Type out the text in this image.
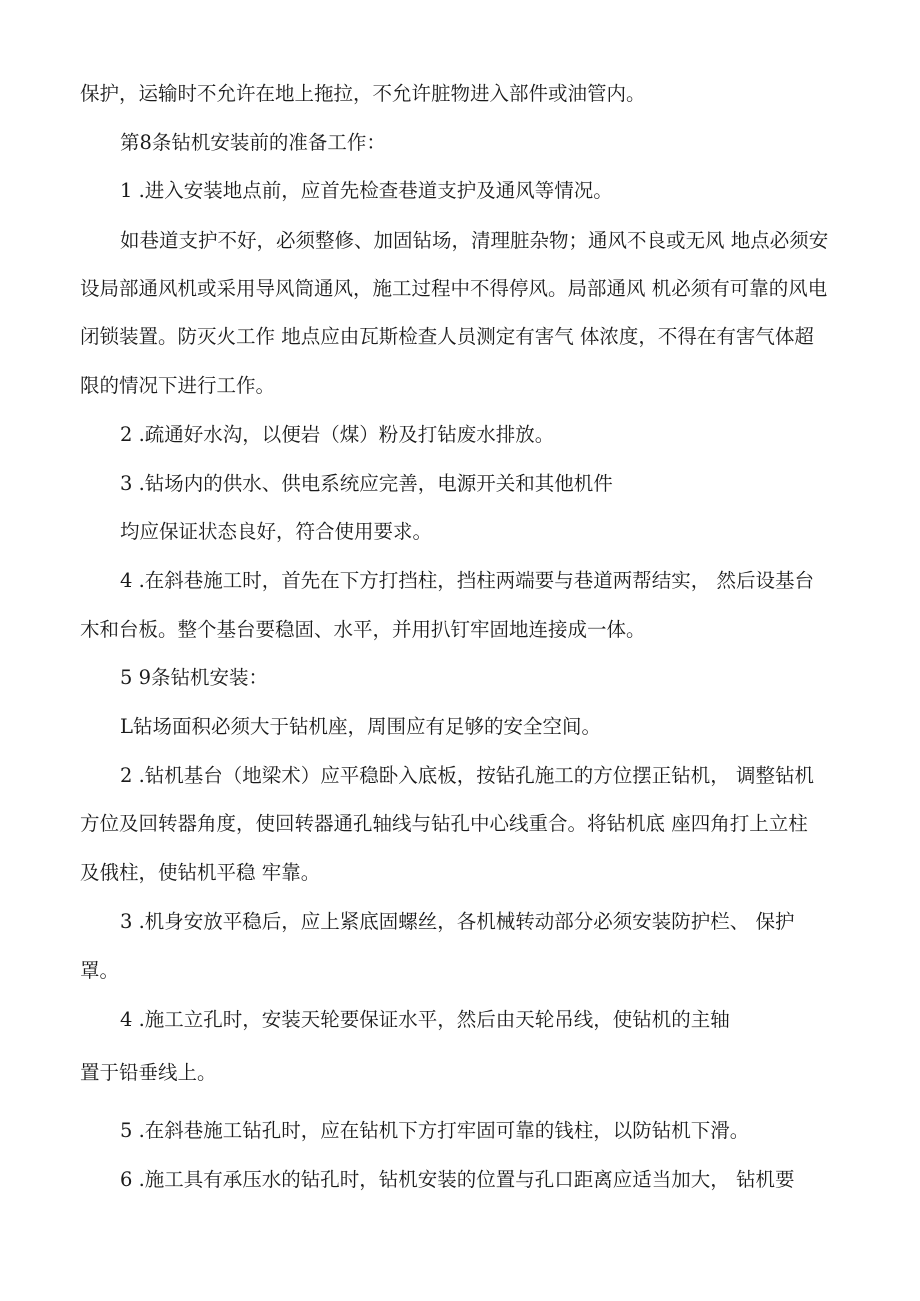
保护，运输时不允许在地上拖拉，不允许脏物进入部件或油管内。
第8条钻机安装前的准备工作：
1 .进入安装地点前，应首先检查巷道支护及通风等情况。
如巷道支护不好，必须整修、加固钻场，清理脏杂物；通风不良或无风 地点必须安
设局部通风机或采用导风筒通风，施工过程中不得停风。局部通风 机必须有可靠的风电
闭锁装置。防灭火工作 地点应由瓦斯检查人员测定有害气 体浓度，不得在有害气体超
限的情况下进行工作。
2 .疏通好水沟，以便岩（煤）粉及打钻废水排放。
3 .钻场内的供水、供电系统应完善，电源开关和其他机件
均应保证状态良好，符合使用要求。
4 .在斜巷施工时，首先在下方打挡柱，挡柱两端要与巷道两帮结实， 然后设基台
木和台板。整个基台要稳固、水平，并用扒钉牢固地连接成一体。
5 9条钻机安装：
L钻场面积必须大于钻机座，周围应有足够的安全空间。
2 .钻机基台（地梁术）应平稳卧入底板，按钻孔施工的方位摆正钻机， 调整钻机
方位及回转器角度，使回转器通孔轴线与钻孔中心线重合。将钻机底 座四角打上立柱
及俄柱，使钻机平稳 牢靠。
3 .机身安放平稳后，应上紧底固螺丝，各机械转动部分必须安装防护栏、 保护
罩。
4 .施工立孔时，安装天轮要保证水平，然后由天轮吊线，使钻机的主轴
置于铅垂线上。
5 .在斜巷施工钻孔时，应在钻机下方打牢固可靠的钱柱，以防钻机下滑。
6 .施工具有承压水的钻孔时，钻机安装的位置与孔口距离应适当加大， 钻机要
